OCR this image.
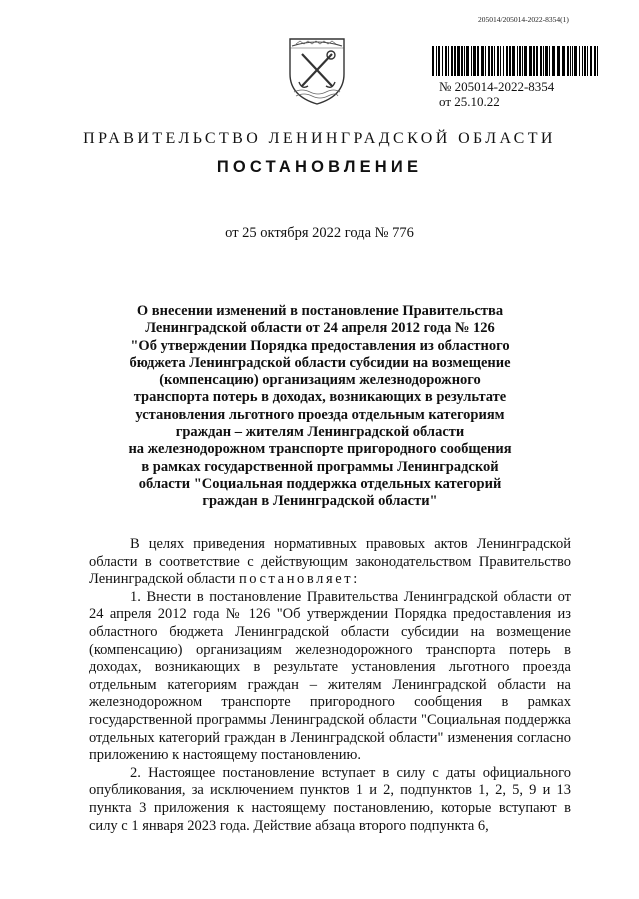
205014/205014-2022-8354(1)
№ 205014-2022-8354
от 25.10.22
ПРАВИТЕЛЬСТВО ЛЕНИНГРАДСКОЙ ОБЛАСТИ
ПОСТАНОВЛЕНИЕ
от 25 октября 2022 года № 776
О внесении изменений в постановление Правительства
Ленинградской области от 24 апреля 2012 года № 126
"Об утверждении Порядка предоставления из областного
бюджета Ленинградской области субсидии на возмещение
(компенсацию) организациям железнодорожного
транспорта потерь в доходах, возникающих в результате
установления льготного проезда отдельным категориям
граждан – жителям Ленинградской области
на железнодорожном транспорте пригородного сообщения
в рамках государственной программы Ленинградской
области "Социальная поддержка отдельных категорий
граждан в Ленинградской области"

В целях приведения нормативных правовых актов Ленинградской области в соответствие с действующим законодательством Правительство Ленинградской области постановляет:

1. Внести в постановление Правительства Ленинградской области от 24 апреля 2012 года № 126 "Об утверждении Порядка предоставления из областного бюджета Ленинградской области субсидии на возмещение (компенсацию) организациям железнодорожного транспорта потерь в доходах, возникающих в результате установления льготного проезда отдельным категориям граждан – жителям Ленинградской области на железнодорожном транспорте пригородного сообщения в рамках государственной программы Ленинградской области "Социальная поддержка отдельных категорий граждан в Ленинградской области" изменения согласно приложению к настоящему постановлению.

2. Настоящее постановление вступает в силу с даты официального опубликования, за исключением пунктов 1 и 2, подпунктов 1, 2, 5, 9 и 13 пункта 3 приложения к настоящему постановлению, которые вступают в силу с 1 января 2023 года. Действие абзаца второго подпункта 6,
